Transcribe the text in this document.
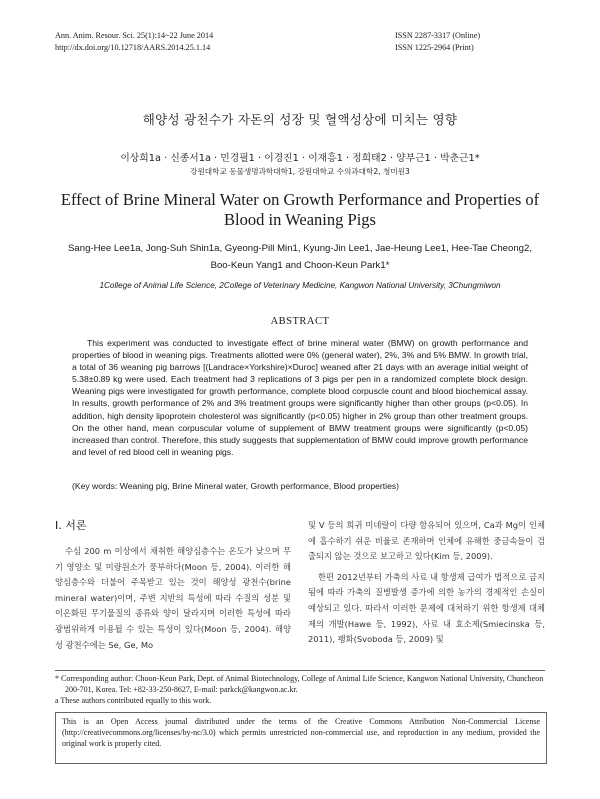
Ann. Anim. Resour. Sci. 25(1):14~22 June 2014
http://dx.doi.org/10.12718/AARS.2014.25.1.14
ISSN 2287-3317 (Online)
ISSN 1225-2964 (Print)
해양성 광천수가 자돈의 성장 및 혈액성상에 미치는 영향
이상희1a · 신종서1a · 민경필1 · 이경진1 · 이재흥1 · 정희태2 · 양부근1 · 박춘근1*
강원대학교 동물생명과학대학1, 강원대학교 수의과대학2, 청미원3
Effect of Brine Mineral Water on Growth Performance and Properties of Blood in Weaning Pigs
Sang-Hee Lee1a, Jong-Suh Shin1a, Gyeong-Pill Min1, Kyung-Jin Lee1, Jae-Heung Lee1, Hee-Tae Cheong2,
Boo-Keun Yang1 and Choon-Keun Park1*
1College of Animal Life Science, 2College of Veterinary Medicine, Kangwon National University, 3Chungmiwon
ABSTRACT
This experiment was conducted to investigate effect of brine mineral water (BMW) on growth performance and properties of blood in weaning pigs. Treatments allotted were 0% (general water), 2%, 3% and 5% BMW. In growth trial, a total of 36 weaning pig barrows [(Landrace×Yorkshire)×Duroc] weaned after 21 days with an average initial weight of 5.38±0.89 kg were used. Each treatment had 3 replications of 3 pigs per pen in a randomized complete block design. Weaning pigs were investigated for growth performance, complete blood corpuscle count and blood biochemical assay. In results, growth performance of 2% and 3% treatment groups were significantly higher than other groups (p<0.05). In addition, high density lipoprotein cholesterol was significantly (p<0.05) higher in 2% group than other treatment groups. On the other hand, mean corpuscular volume of supplement of BMW treatment groups were significantly (p<0.05) increased than control. Therefore, this study suggests that supplementation of BMW could improve growth performance and level of red blood cell in weaning pigs.
(Key words: Weaning pig, Brine Mineral water, Growth performance, Blood properties)
Ⅰ. 서론

수심 200 m 이상에서 채취한 해양심층수는 온도가 낮으며 무기 영양소 및 미량원소가 풍부하다(Moon 등, 2004). 이러한 해양심층수와 더불어 주목받고 있는 것이 해양성 광천수(brine mineral water)이며, 주변 지반의 특성에 따라 수질의 성분 및 이온화된 무기물질의 종류와 양이 달라지며 이러한 특성에 따라 광범위하게 이용될 수 있는 특성이 있다(Moon 등, 2004). 해양성 광천수에는 Se, Ge, Mo

및 V 등의 희귀 미네랄이 다량 함유되어 있으며, Ca과 Mg이 인체에 흡수하기 쉬운 비율로 존재하며 인체에 유해한 중금속들이 검출되지 않는 것으로 보고하고 있다(Kim 등, 2009).

한편 2012년부터 가축의 사료 내 항생제 급여가 법적으로 금지됨에 따라 가축의 질병발생 증가에 의한 농가의 경제적인 손실이 예상되고 있다. 따라서 이러한 문제에 대처하기 위한 항생제 대체제의 개발(Hawe 등, 1992), 사료 내 효소제(Smiecinska 등, 2011), 팽화(Svoboda 등, 2009) 및

* Corresponding author: Choon-Keun Park, Dept. of Animal Biotechnology, College of Animal Life Science, Kangwon National University, Chuncheon 200-701, Korea. Tel: +82-33-250-8627, E-mail: parkck@kangwon.ac.kr.

a These authors contributed equally to this work.

This is an Open Access journal distributed under the terms of the Creative Commons Attribution Non-Commercial License (http://creativecommons.org/licenses/by-nc/3.0) which permits unrestricted non-commercial use, and reproduction in any medium, provided the original work is properly cited.
